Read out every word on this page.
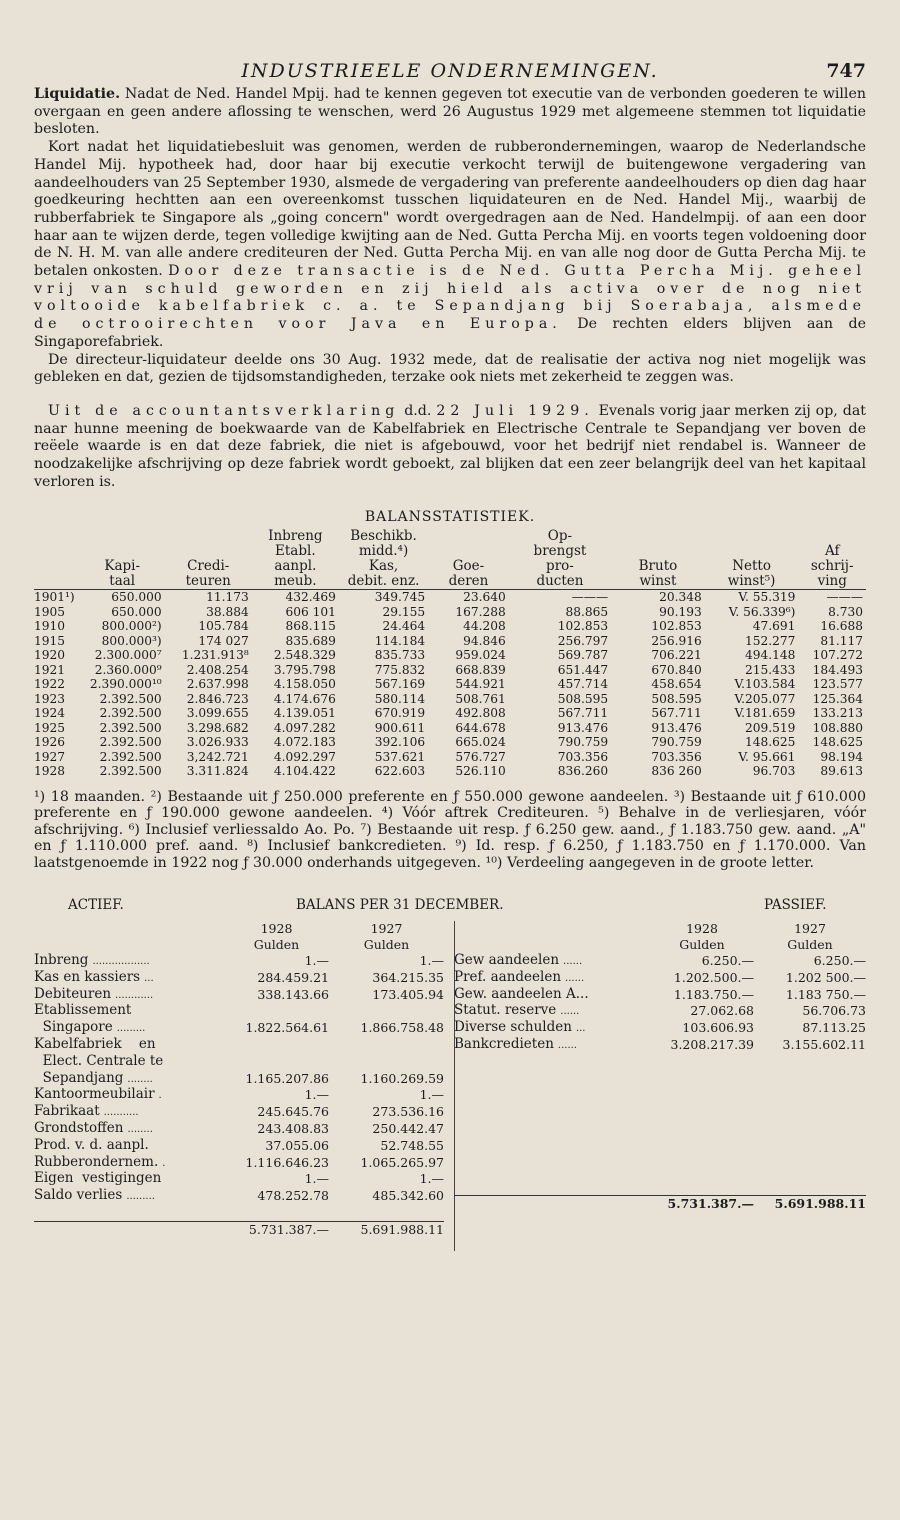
INDUSTRIEELE ONDERNEMINGEN.	747

Liquidatie. Nadat de Ned. Handel Mpij. had te kennen gegeven tot executie van de verbonden goederen te willen overgaan en geen andere aflossing te wenschen, werd 26 Augustus 1929 met algemeene stemmen tot liquidatie besloten.

Kort nadat het liquidatiebesluit was genomen, werden de rubberondernemingen, waarop de Nederlandsche Handel Mij. hypotheek had, door haar bij executie verkocht terwijl de buitengewone vergadering van aandeelhouders van 25 September 1930, alsmede de vergadering van preferente aandeelhouders op dien dag haar goedkeuring hechtten aan een overeenkomst tusschen liquidateuren en de Ned. Handel Mij., waarbij de rubberfabriek te Singapore als „going concern" wordt overgedragen aan de Ned. Handelmpij. of aan een door haar aan te wijzen derde, tegen volledige kwijting aan de Ned. Gutta Percha Mij. en voorts tegen voldoening door de N. H. M. van alle andere crediteuren der Ned. Gutta Percha Mij. en van alle nog door de Gutta Percha Mij. te betalen onkosten. Door deze transactie is de Ned. Gutta Percha Mij. geheel vrij van schuld geworden en zij hield als activa over de nog niet voltooide kabelfabriek c. a. te Sepandjang bij Soerabaja, alsmede de octrooirechten voor Java en Europa. De rechten elders blijven aan de Singaporefabriek.

De directeur-liquidateur deelde ons 30 Aug. 1932 mede, dat de realisatie der activa nog niet mogelijk was gebleken en dat, gezien de tijdsomstandigheden, terzake ook niets met zekerheid te zeggen was.

Uit de accountantsverklaring d.d. 22 Juli 1929. Evenals vorig jaar merken zij op, dat naar hunne meening de boekwaarde van de Kabelfabriek en Electrische Centrale te Sepandjang ver boven de reëele waarde is en dat deze fabriek, die niet is afgebouwd, voor het bedrijf niet rendabel is. Wanneer de noodzakelijke afschrijving op deze fabriek wordt geboekt, zal blijken dat een zeer belangrijk deel van het kapitaal verloren is.

BALANSSTATISTIEK.
			Inbreng	Beschikb.		Op-			
			Etabl.	midd.⁴)		brengst			Af
	Kapi-	Credi-	aanpl.	Kas,	Goe-	pro-	Bruto	Netto	schrij-
	taal	teuren	meub.	debit. enz.	deren	ducten	winst	winst⁵)	ving
1901¹)	650.000	11.173	432.469	349.745	23.640	———	20.348	V. 55.319	———
1905	650.000	38.884	606 101	29.155	167.288	88.865	90.193	V. 56.339⁶)	8.730
1910	800.000²)	105.784	868.115	24.464	44.208	102.853	102.853	47.691	16.688
1915	800.000³)	174 027	835.689	114.184	94.846	256.797	256.916	152.277	81.117
1920	2.300.000⁷	1.231.913⁸	2.548.329	835.733	959.024	569.787	706.221	494.148	107.272
1921	2.360.000⁹	2.408.254	3.795.798	775.832	668.839	651.447	670.840	215.433	184.493
1922	2.390.000¹⁰	2.637.998	4.158.050	567.169	544.921	457.714	458.654	V.103.584	123.577
1923	2.392.500	2.846.723	4.174.676	580.114	508.761	508.595	508.595	V.205.077	125.364
1924	2.392.500	3.099.655	4.139.051	670.919	492.808	567.711	567.711	V.181.659	133.213
1925	2.392.500	3.298.682	4.097.282	900.611	644.678	913.476	913.476	209.519	108.880
1926	2.392.500	3.026.933	4.072.183	392.106	665.024	790.759	790.759	148.625	148.625
1927	2.392.500	3,242.721	4.092.297	537.621	576.727	703.356	703.356	V. 95.661	98.194
1928	2.392.500	3.311.824	4.104.422	622.603	526.110	836.260	836 260	96.703	89.613
¹) 18 maanden. ²) Bestaande uit ƒ 250.000 preferente en ƒ 550.000 gewone aandeelen. ³) Bestaande uit ƒ 610.000 preferente en ƒ 190.000 gewone aandeelen. ⁴) Vóór aftrek Crediteuren. ⁵) Behalve in de verliesjaren, vóór afschrijving. ⁶) Inclusief verliessaldo Ao. Po. ⁷) Bestaande uit resp. ƒ 6.250 gew. aand., ƒ 1.183.750 gew. aand. „A" en ƒ 1.110.000 pref. aand. ⁸) Inclusief bankcredieten. ⁹) Id. resp. ƒ 6.250, ƒ 1.183.750 en ƒ 1.170.000. Van laatstgenoemde in 1922 nog ƒ 30.000 onderhands uitgegeven. ¹⁰) Verdeeling aangegeven in de groote letter.
ACTIEF.	BALANS PER 31 DECEMBER.	PASSIEF.
	1928	1927
	Gulden	Gulden
Inbreng ..................	1.—	1.—
Kas en kassiers ...	284.459.21	364.215.35
Debiteuren ............	338.143.66	173.405.94
Etablissement		
Singapore .........	1.822.564.61	1.866.758.48
Kabelfabriek    en		
Elect. Centrale te		
Sepandjang ........	1.165.207.86	1.160.269.59
Kantoormeubilair .	1.—	1.—
Fabrikaat ...........	245.645.76	273.536.16
Grondstoffen ........	243.408.83	250.442.47
Prod. v. d. aanpl.	37.055.06	52.748.55
Rubberondernem. .	1.116.646.23	1.065.265.97
Eigen  vestigingen	1.—	1.—
Saldo verlies .........	478.252.78	485.342.60

	5.731.387.—	5.691.988.11
	1928	1927
	Gulden	Gulden
Gew aandeelen ......	6.250.—	6.250.—
Pref. aandeelen ......	1.202.500.—	1.202 500.—
Gew. aandeelen A...	1.183.750.—	1.183 750.—
Statut. reserve ......	27.062.68	56.706.73
Diverse schulden ...	103.606.93	87.113.25
Bankcredieten ......	3.208.217.39	3.155.602.11

	5.731.387.—	5.691.988.11
